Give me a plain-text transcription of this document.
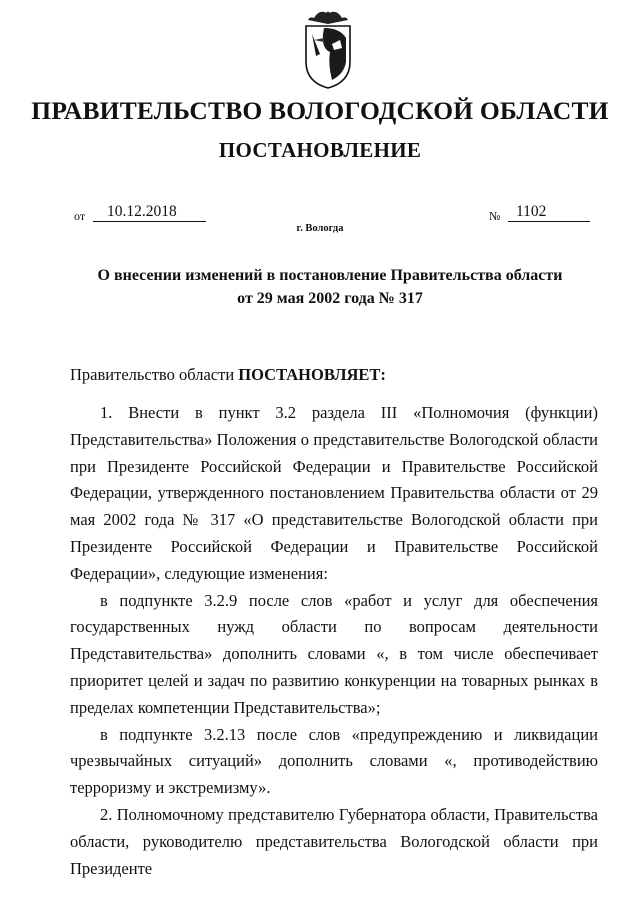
ПРАВИТЕЛЬСТВО ВОЛОГОДСКОЙ ОБЛАСТИ
ПОСТАНОВЛЕНИЕ
от	10.12.2018	№	1102
г. Вологда
О внесении изменений в постановление Правительства области
от 29 мая 2002 года № 317
Правительство области ПОСТАНОВЛЯЕТ:

1. Внести в пункт 3.2 раздела III «Полномочия (функции) Представительства» Положения о представительстве Вологодской области при Президенте Российской Федерации и Правительстве Российской Федерации, утвержденного постановлением Правительства области от 29 мая 2002 года № 317 «О представительстве Вологодской области при Президенте Российской Федерации и Правительстве Российской Федерации», следующие изменения:

в подпункте 3.2.9 после слов «работ и услуг для обеспечения государственных нужд области по вопросам деятельности Представительства» дополнить словами «, в том числе обеспечивает приоритет целей и задач по развитию конкуренции на товарных рынках в пределах компетенции Представительства»;

в подпункте 3.2.13 после слов «предупреждению и ликвидации чрезвычайных ситуаций» дополнить словами «, противодействию терроризму и экстремизму».

2. Полномочному представителю Губернатора области, Правительства области, руководителю представительства Вологодской области при Президенте
